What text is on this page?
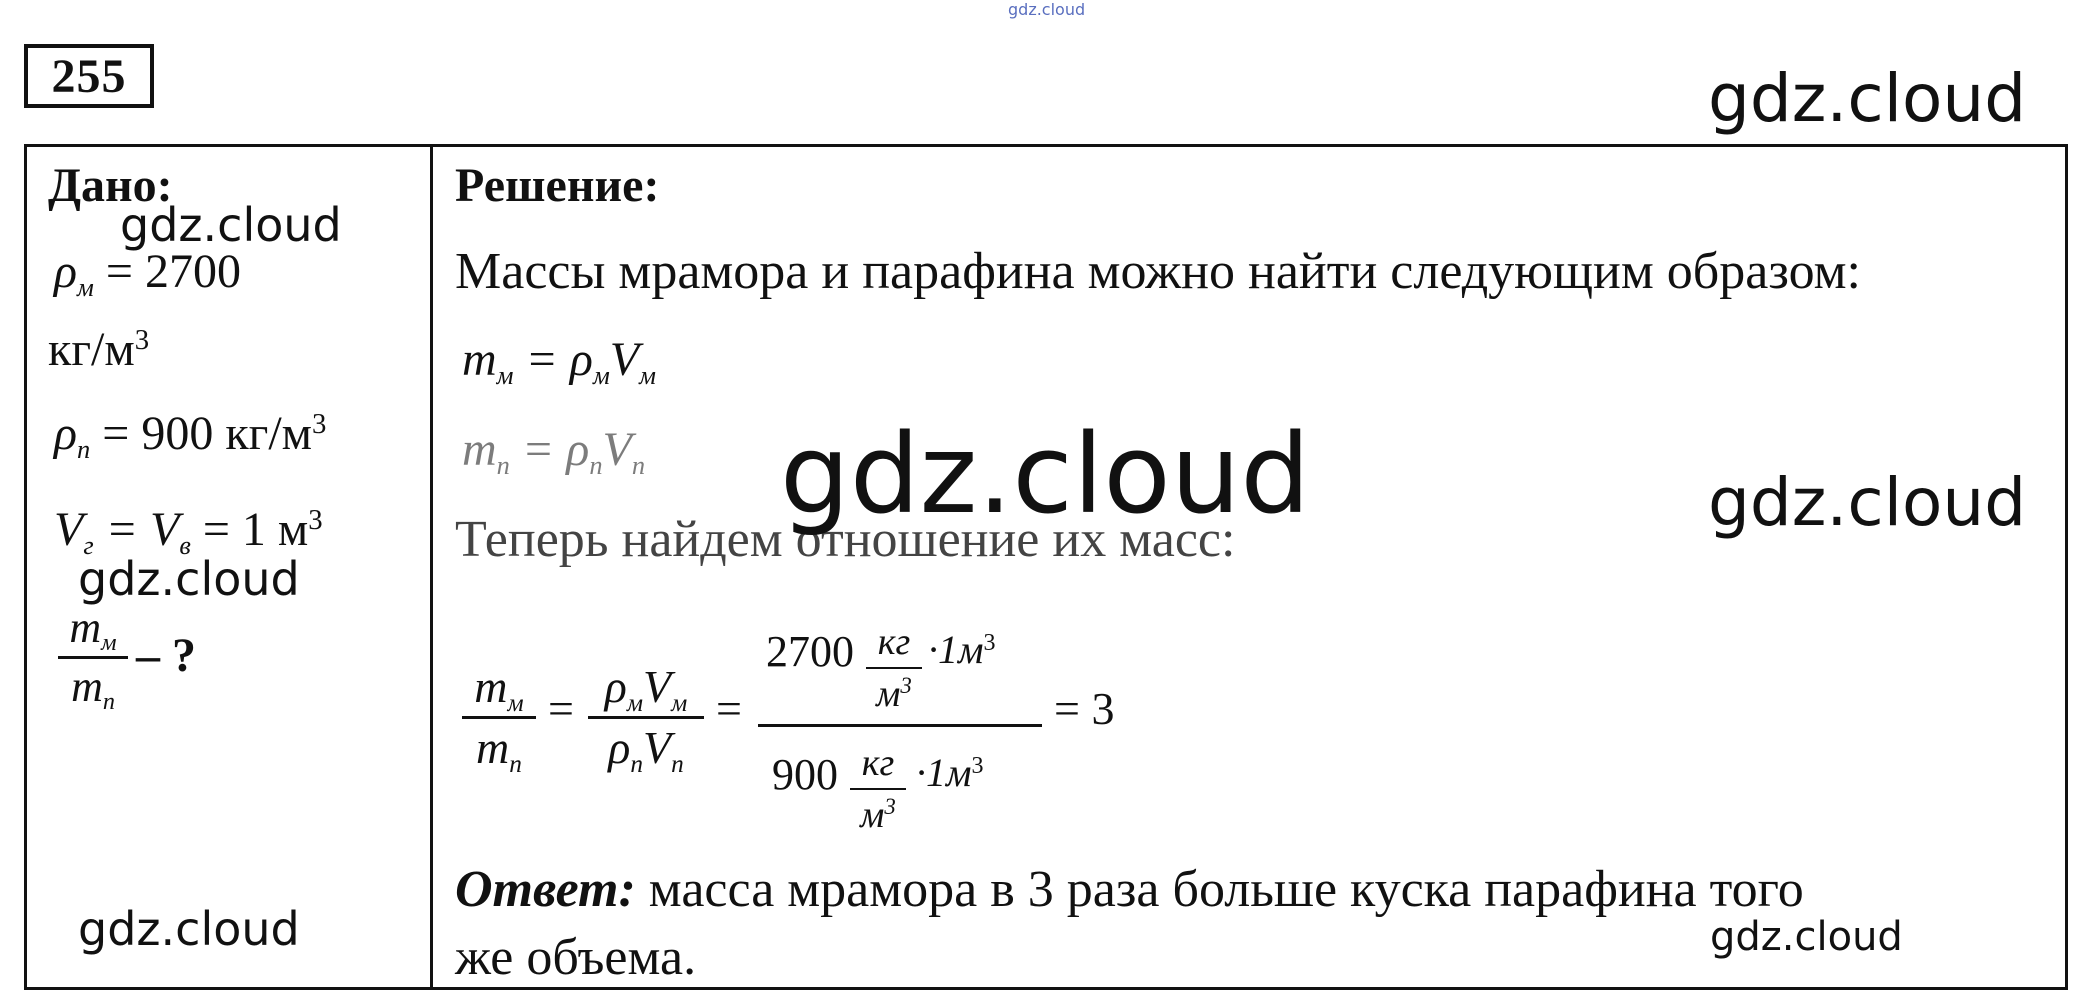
gdz.cloud
gdz.cloud
255
Дано:
gdz.cloud
ρм = 2700
$кг/м^3$
ρп = 900 $кг/м^3$
Vг = Vв = 1 $м^3$
gdz.cloud
mм
mп
– ?
gdz.cloud
Решение:
Массы мрамора и парафина можно найти следующим образом:
mм = ρмVм
mп = ρпVп
Теперь найдем отношение их масс:
gdz.cloud	gdz.cloud
mм
mп
= ρмVм
ρпVп
=
2700 кг
$м^3$
$\cdot 1м^3$
900 кг
$м^3$
$\cdot 1м^3$
= 3
Ответ: масса мрамора в 3 раза больше куска парафина того
же объема.	gdz.cloud
